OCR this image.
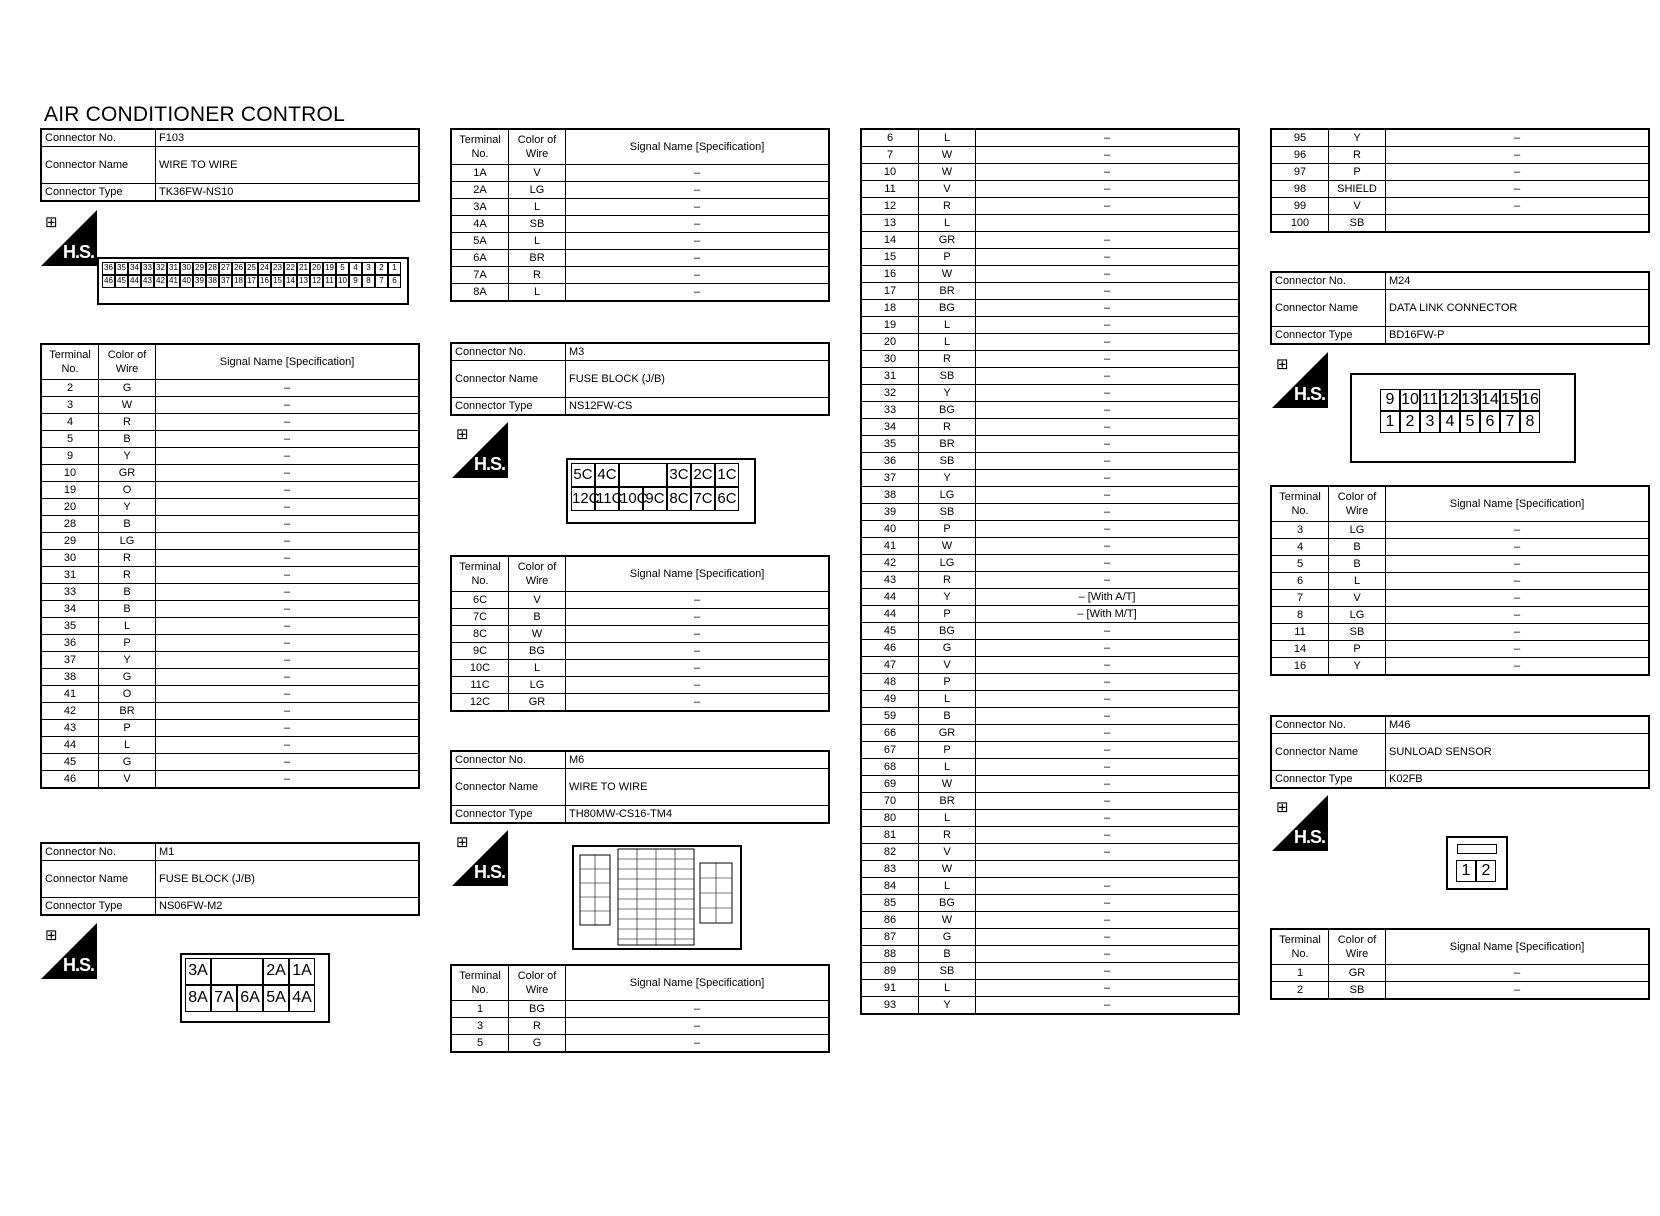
AIR CONDITIONER CONTROL
Connector No.	F103
Connector Name	WIRE TO WIRE
Connector Type	TK36FW-NS10
⊞
H.S.
36 35 34 33 32 31 30 29 28 27 26 25 24 23 22 21 20 19 5	4	3	2	1
46 45 44 43 42 41 40 39 38 37 18 17 16 15 14 13 12 11 10 9	8	7	6
Terminal No.	Color of Wire	Signal Name [Specification]
2	G	–
3	W	–
4	R	–
5	B	–
9	Y	–
10	GR	–
19	O	–
20	Y	–
28	B	–
29	LG	–
30	R	–
31	R	–
33	B	–
34	B	–
35	L	–
36	P	–
37	Y	–
38	G	–
41	O	–
42	BR	–
43	P	–
44	L	–
45	G	–
46	V	–
Connector No.	M1
Connector Name	FUSE BLOCK (J/B)
Connector Type	NS06FW-M2
⊞
H.S.	3A	2A 1A
8A 7A 6A 5A 4A
Terminal No.	Color of Wire	Signal Name [Specification]
1A	V	–
2A	LG	–
3A	L	–
4A	SB	–
5A	L	–
6A	BR	–
7A	R	–
8A	L	–
Connector No.	M3
Connector Name	FUSE BLOCK (J/B)
Connector Type	NS12FW-CS
⊞
H.S.
5C 4C	3C 2C 1C
12C
11C
10C
9C 8C 7C 6C
Terminal No.	Color of Wire	Signal Name [Specification]
6C	V	–
7C	B	–
8C	W	–
9C	BG	–
10C	L	–
11C	LG	–
12C	GR	–
Connector No.	M6
Connector Name	WIRE TO WIRE
Connector Type	TH80MW-CS16-TM4
⊞
H.S.
Terminal No.	Color of Wire	Signal Name [Specification]
1	BG	–
3	R	–
5	G	–
6	L	–
7	W	–
10	W	–
11	V	–
12	R	–
13	L	
14	GR	–
15	P	–
16	W	–
17	BR	–
18	BG	–
19	L	–
20	L	–
30	R	–
31	SB	–
32	Y	–
33	BG	–
34	R	–
35	BR	–
36	SB	–
37	Y	–
38	LG	–
39	SB	–
40	P	–
41	W	–
42	LG	–
43	R	–
44	Y	– [With A/T]
44	P	– [With M/T]
45	BG	–
46	G	–
47	V	–
48	P	–
49	L	–
59	B	–
66	GR	–
67	P	–
68	L	–
69	W	–
70	BR	–
80	L	–
81	R	–
82	V	–
83	W	
84	L	–
85	BG	–
86	W	–
87	G	–
88	B	–
89	SB	–
91	L	–
93	Y	–
95	Y	–
96	R	–
97	P	–
98	SHIELD	–
99	V	–
100	SB	
Connector No.	M24
Connector Name	DATA LINK CONNECTOR
Connector Type	BD16FW-P
⊞
H.S.	9 10 11 12 13 14 15 16
1 2 3 4 5 6 7 8
Terminal No.	Color of Wire	Signal Name [Specification]
3	LG	–
4	B	–
5	B	–
6	L	–
7	V	–
8	LG	–
11	SB	–
14	P	–
16	Y	–
Connector No.	M46
Connector Name	SUNLOAD SENSOR
Connector Type	K02FB
⊞
H.S.
1 2
Terminal No.	Color of Wire	Signal Name [Specification]
1	GR	–
2	SB	–
